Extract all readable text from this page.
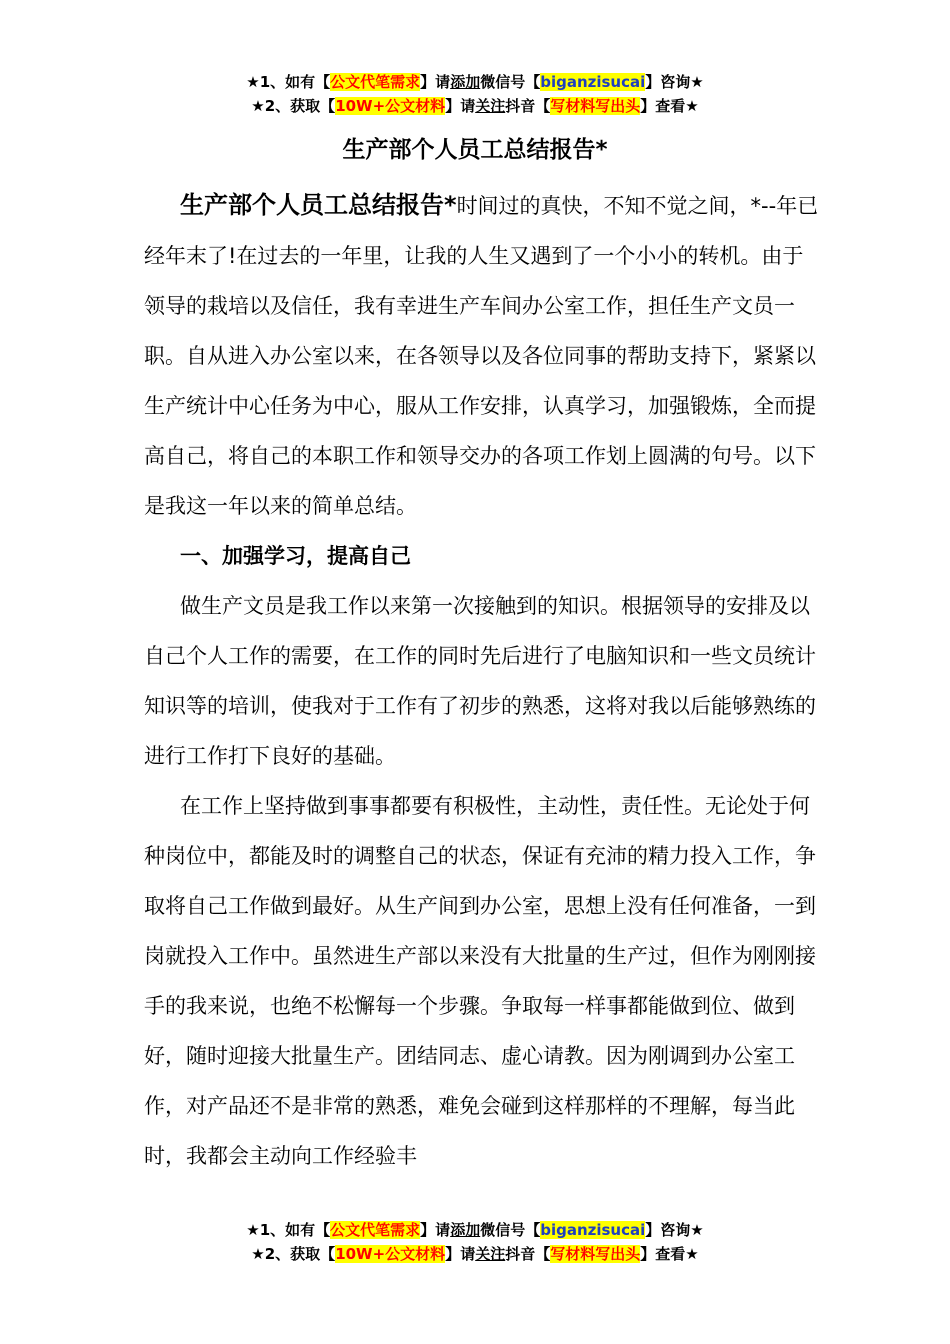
★1、如有【公文代笔需求】请添加微信号【biganzisucai】咨询★
★2、获取【10W+公文材料】请关注抖音【写材料写出头】查看★
生产部个人员工总结报告*

生产部个人员工总结报告*时间过的真快，不知不觉之间，*--年已经年末了!在过去的一年里，让我的人生又遇到了一个小小的转机。由于领导的栽培以及信任，我有幸进生产车间办公室工作，担任生产文员一职。自从进入办公室以来，在各领导以及各位同事的帮助支持下，紧紧以生产统计中心任务为中心，服从工作安排，认真学习，加强锻炼，全而提高自己，将自己的本职工作和领导交办的各项工作划上圆满的句号。以下是我这一年以来的简单总结。

一、加强学习，提高自己

做生产文员是我工作以来第一次接触到的知识。根据领导的安排及以自己个人工作的需要，在工作的同时先后进行了电脑知识和一些文员统计知识等的培训，使我对于工作有了初步的熟悉，这将对我以后能够熟练的进行工作打下良好的基础。

在工作上坚持做到事事都要有积极性，主动性，责任性。无论处于何种岗位中，都能及时的调整自己的状态，保证有充沛的精力投入工作，争取将自己工作做到最好。从生产间到办公室，思想上没有任何准备，一到岗就投入工作中。虽然进生产部以来没有大批量的生产过，但作为刚刚接手的我来说，也绝不松懈每一个步骤。争取每一样事都能做到位、做到好，随时迎接大批量生产。团结同志、虚心请教。因为刚调到办公室工作，对产品还不是非常的熟悉，难免会碰到这样那样的不理解，每当此时，我都会主动向工作经验丰

★1、如有【公文代笔需求】请添加微信号【biganzisucai】咨询★
★2、获取【10W+公文材料】请关注抖音【写材料写出头】查看★
